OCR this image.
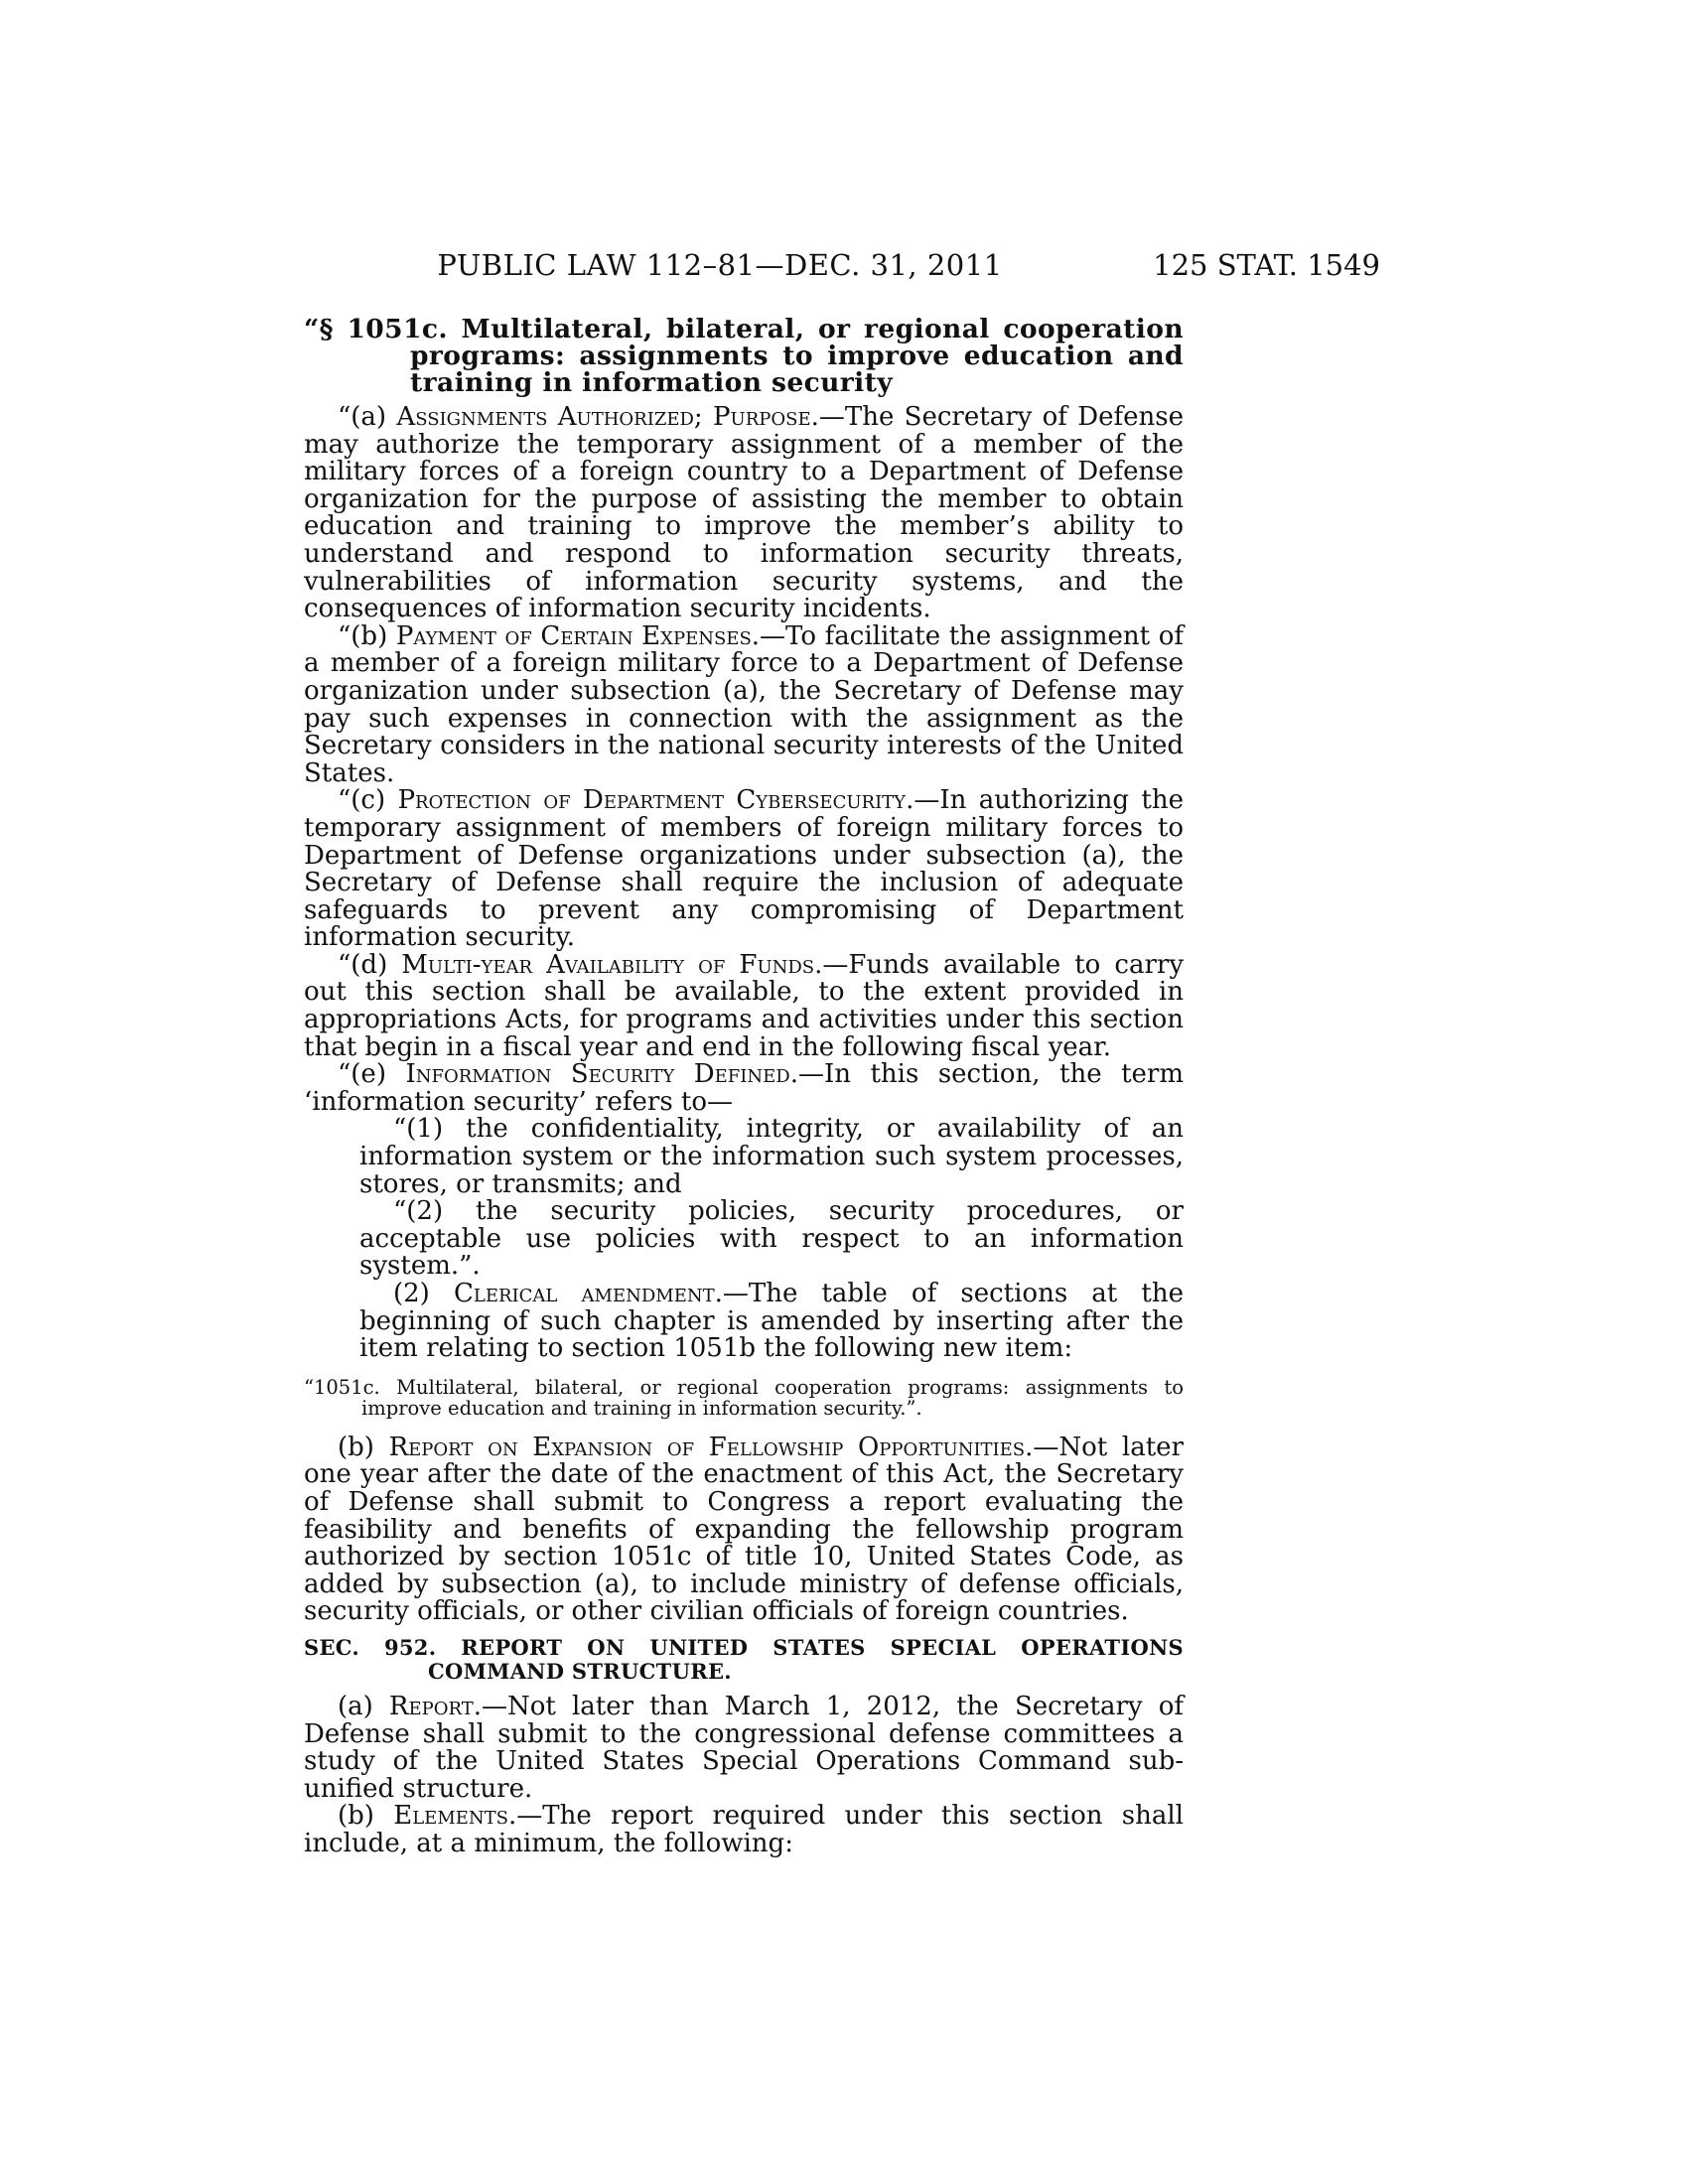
PUBLIC LAW 112–81—DEC. 31, 2011	125 STAT. 1549
“§ 1051c. Multilateral, bilateral, or regional cooperation programs: assignments to improve education and training in information security

“(a) Assignments Authorized; Purpose.—The Secretary of Defense may authorize the temporary assignment of a member of the military forces of a foreign country to a Department of Defense organization for the purpose of assisting the member to obtain education and training to improve the member’s ability to understand and respond to information security threats, vulnerabilities of information security systems, and the consequences of information security incidents.

“(b) Payment of Certain Expenses.—To facilitate the assignment of a member of a foreign military force to a Department of Defense organization under subsection (a), the Secretary of Defense may pay such expenses in connection with the assignment as the Secretary considers in the national security interests of the United States.

“(c) Protection of Department Cybersecurity.—In authorizing the temporary assignment of members of foreign military forces to Department of Defense organizations under subsection (a), the Secretary of Defense shall require the inclusion of adequate safeguards to prevent any compromising of Department information security.

“(d) Multi-year Availability of Funds.—Funds available to carry out this section shall be available, to the extent provided in appropriations Acts, for programs and activities under this section that begin in a fiscal year and end in the following fiscal year.

“(e) Information Security Defined.—In this section, the term ‘information security’ refers to—

“(1) the confidentiality, integrity, or availability of an information system or the information such system processes, stores, or transmits; and

“(2) the security policies, security procedures, or acceptable use policies with respect to an information system.”.

(2) Clerical amendment.—The table of sections at the beginning of such chapter is amended by inserting after the item relating to section 1051b the following new item:

“1051c. Multilateral, bilateral, or regional cooperation programs: assignments to improve education and training in information security.”.

(b) Report on Expansion of Fellowship Opportunities.—Not later one year after the date of the enactment of this Act, the Secretary of Defense shall submit to Congress a report evaluating the feasibility and benefits of expanding the fellowship program authorized by section 1051c of title 10, United States Code, as added by subsection (a), to include ministry of defense officials, security officials, or other civilian officials of foreign countries.

SEC. 952. REPORT ON UNITED STATES SPECIAL OPERATIONS COMMAND STRUCTURE.

(a) Report.—Not later than March 1, 2012, the Secretary of Defense shall submit to the congressional defense committees a study of the United States Special Operations Command sub-unified structure.

(b) Elements.—The report required under this section shall include, at a minimum, the following:
